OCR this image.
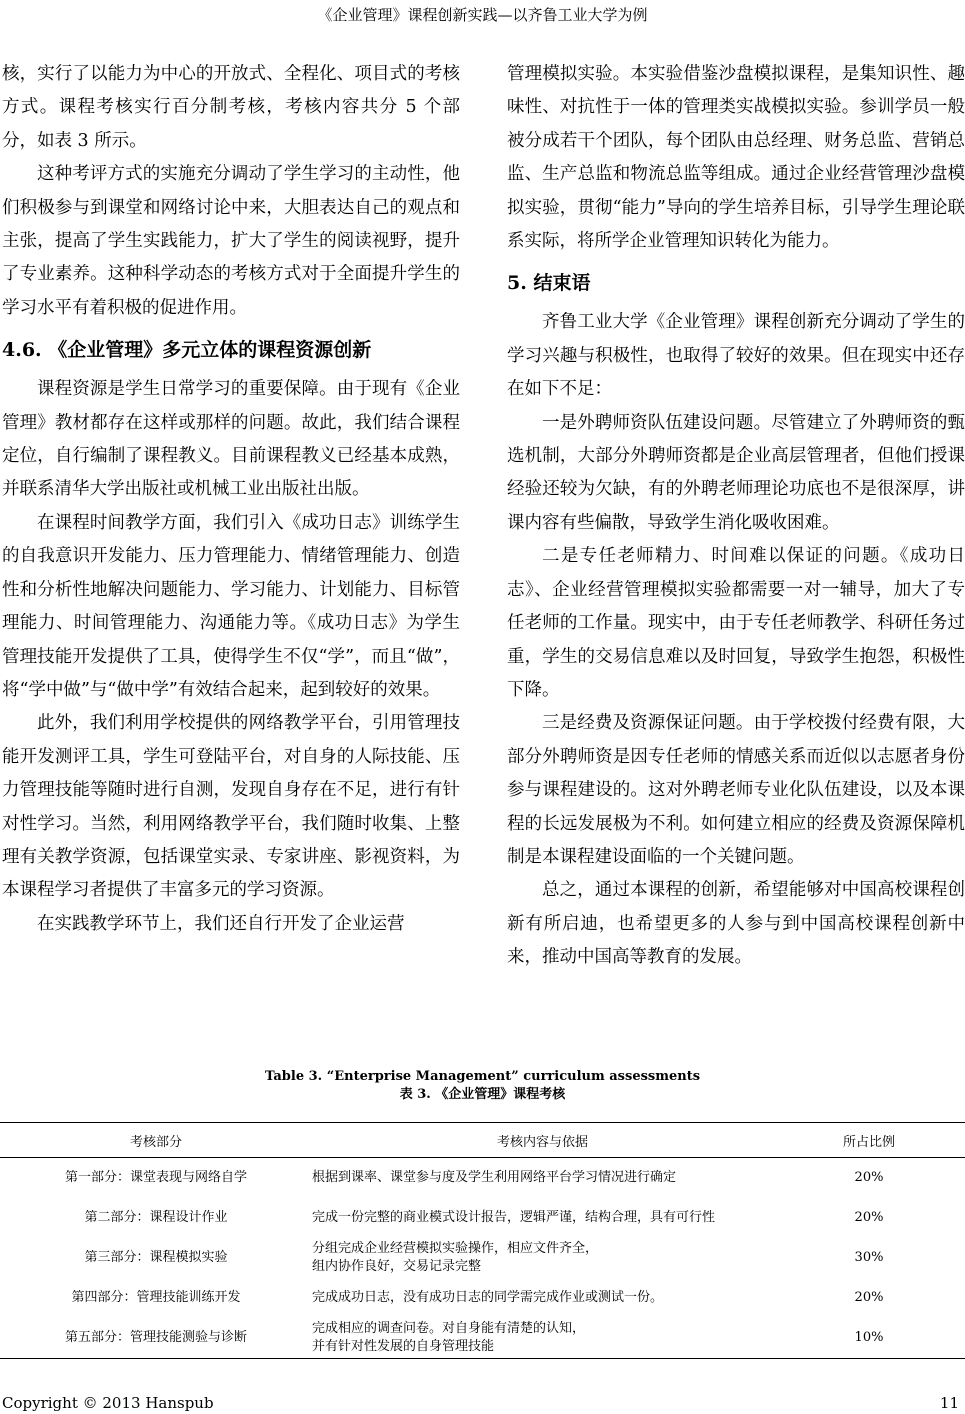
《企业管理》课程创新实践—以齐鲁工业大学为例

核，实行了以能力为中心的开放式、全程化、项目式的考核方式。课程考核实行百分制考核，考核内容共分 5 个部分，如表 3 所示。

这种考评方式的实施充分调动了学生学习的主动性，他们积极参与到课堂和网络讨论中来，大胆表达自己的观点和主张，提高了学生实践能力，扩大了学生的阅读视野，提升了专业素养。这种科学动态的考核方式对于全面提升学生的学习水平有着积极的促进作用。

4.6. 《企业管理》多元立体的课程资源创新

课程资源是学生日常学习的重要保障。由于现有《企业管理》教材都存在这样或那样的问题。故此，我们结合课程定位，自行编制了课程教义。目前课程教义已经基本成熟，并联系清华大学出版社或机械工业出版社出版。

在课程时间教学方面，我们引入《成功日志》训练学生的自我意识开发能力、压力管理能力、情绪管理能力、创造性和分析性地解决问题能力、学习能力、计划能力、目标管理能力、时间管理能力、沟通能力等。《成功日志》为学生管理技能开发提供了工具，使得学生不仅“学”，而且“做”，将“学中做”与“做中学”有效结合起来，起到较好的效果。

此外，我们利用学校提供的网络教学平台，引用管理技能开发测评工具，学生可登陆平台，对自身的人际技能、压力管理技能等随时进行自测，发现自身存在不足，进行有针对性学习。当然，利用网络教学平台，我们随时收集、上整理有关教学资源，包括课堂实录、专家讲座、影视资料，为本课程学习者提供了丰富多元的学习资源。

在实践教学环节上，我们还自行开发了企业运营

管理模拟实验。本实验借鉴沙盘模拟课程，是集知识性、趣味性、对抗性于一体的管理类实战模拟实验。参训学员一般被分成若干个团队，每个团队由总经理、财务总监、营销总监、生产总监和物流总监等组成。通过企业经营管理沙盘模拟实验，贯彻“能力”导向的学生培养目标，引导学生理论联系实际，将所学企业管理知识转化为能力。

5. 结束语

齐鲁工业大学《企业管理》课程创新充分调动了学生的学习兴趣与积极性，也取得了较好的效果。但在现实中还存在如下不足：

一是外聘师资队伍建设问题。尽管建立了外聘师资的甄选机制，大部分外聘师资都是企业高层管理者，但他们授课经验还较为欠缺，有的外聘老师理论功底也不是很深厚，讲课内容有些偏散，导致学生消化吸收困难。

二是专任老师精力、时间难以保证的问题。《成功日志》、企业经营管理模拟实验都需要一对一辅导，加大了专任老师的工作量。现实中，由于专任老师教学、科研任务过重，学生的交易信息难以及时回复，导致学生抱怨，积极性下降。

三是经费及资源保证问题。由于学校拨付经费有限，大部分外聘师资是因专任老师的情感关系而近似以志愿者身份参与课程建设的。这对外聘老师专业化队伍建设，以及本课程的长远发展极为不利。如何建立相应的经费及资源保障机制是本课程建设面临的一个关键问题。

总之，通过本课程的创新，希望能够对中国高校课程创新有所启迪，也希望更多的人参与到中国高校课程创新中来，推动中国高等教育的发展。

Table 3. “Enterprise Management” curriculum assessments
表 3. 《企业管理》课程考核
考核部分	考核内容与依据	所占比例
第一部分：课堂表现与网络自学	根据到课率、课堂参与度及学生利用网络平台学习情况进行确定	20%
第二部分：课程设计作业	完成一份完整的商业模式设计报告，逻辑严谨，结构合理，具有可行性	20%
第三部分：课程模拟实验	分组完成企业经营模拟实验操作，相应文件齐全，
组内协作良好，交易记录完整	30%
第四部分：管理技能训练开发	完成成功日志，没有成功日志的同学需完成作业或测试一份。	20%
第五部分：管理技能测验与诊断	完成相应的调查问卷。对自身能有清楚的认知，
并有针对性发展的自身管理技能	10%
Copyright © 2013 Hanspub	11
